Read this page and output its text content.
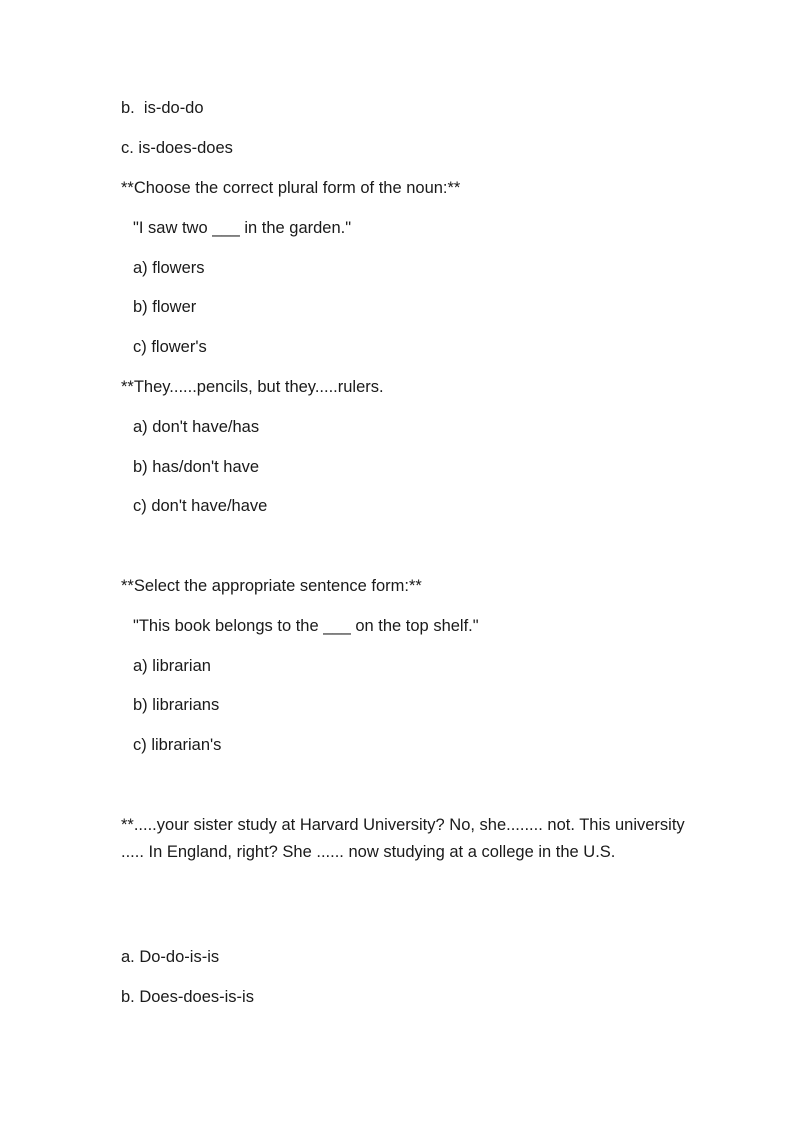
b.  is-do-do
c. is-does-does
**Choose the correct plural form of the noun:**
"I saw two ___ in the garden."
a) flowers
b) flower
c) flower's
**They......pencils, but they.....rulers.
a) don't have/has
b) has/don't have
c) don't have/have
**Select the appropriate sentence form:**
"This book belongs to the ___ on the top shelf."
a) librarian
b) librarians
c) librarian's
**.....your sister study at Harvard University? No, she........ not. This university ..... In England, right? She ...... now studying at a college in the U.S.
a. Do-do-is-is
b. Does-does-is-is
